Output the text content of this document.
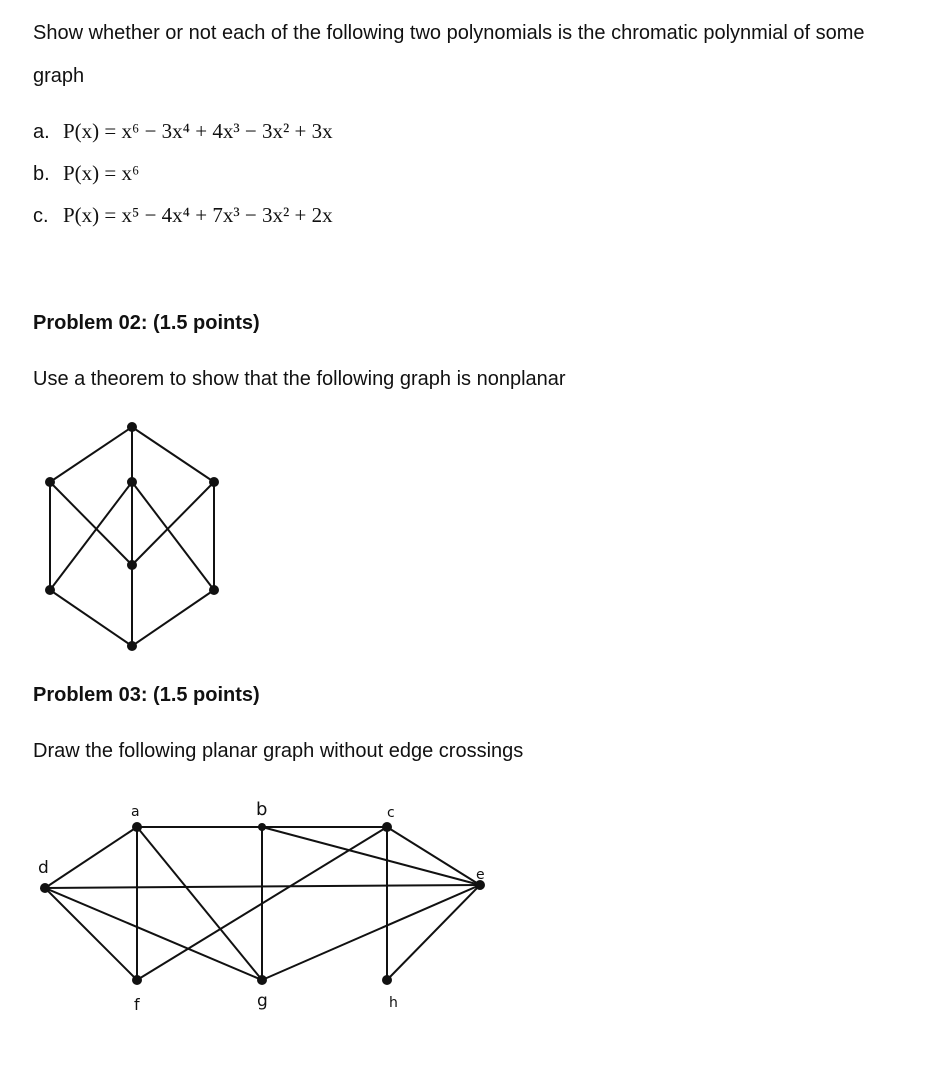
Show whether or not each of the following two polynomials is the chromatic polynmial of some graph

a. P(x) = x⁶ − 3x⁴ + 4x³ − 3x² + 3x
b. P(x) = x⁶
c. P(x) = x⁵ − 4x⁴ + 7x³ − 3x² + 2x

Problem 02: (1.5 points)

Use a theorem to show that the following graph is nonplanar

Problem 03: (1.5 points)

Draw the following planar graph without edge crossings

a	b	c
d	e
f	g	h
